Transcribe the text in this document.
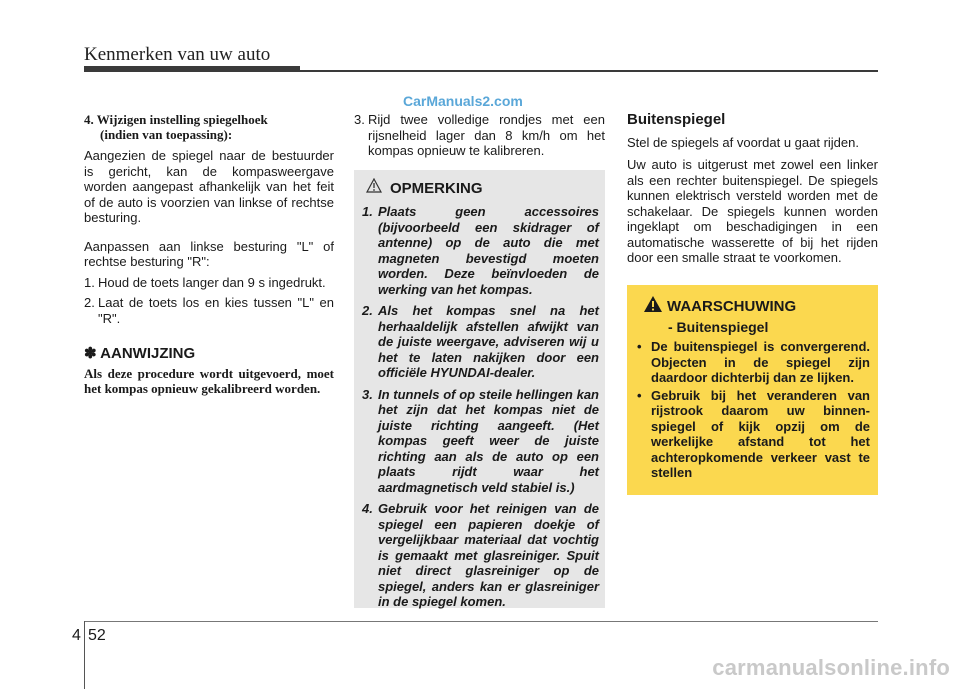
Kenmerken van uw auto
CarManuals2.com
4. Wijzigen instelling spiegelhoek
(indien van toepassing):

Aangezien de spiegel naar de bestuurder is gericht, kan de kompasweergave worden aangepast afhankelijk van het feit of de auto is voorzien van linkse of rechtse besturing.

Aanpassen aan linkse besturing "L" of rechtse besturing "R":

1. Houd de toets langer dan 9 s ingedrukt.
2. Laat de toets los en kies tussen "L" en "R".
✽ AANWIJZING
Als deze procedure wordt uitgevoerd, moet het kompas opnieuw gekalibreerd worden.
3. Rijd twee volledige rondjes met een rijsnelheid lager dan 8 km/h om het kompas opnieuw te kalibreren.
OPMERKING
1. Plaats geen accessoires (bijvoorbeeld een skidrager of antenne) op de auto die met magneten bevestigd moeten worden. Deze beïnvloeden de werking van het kompas.
2. Als het kompas snel na het herhaaldelijk afstellen afwijkt van de juiste weergave, adviseren wij u het te laten nakijken door een officiële HYUNDAI-dealer.
3. In tunnels of op steile hellingen kan het zijn dat het kompas niet de juiste richting aangeeft. (Het kompas geeft weer de juiste richting aan als de auto op een plaats rijdt waar het aardmagnetisch veld stabiel is.)
4. Gebruik voor het reinigen van de spiegel een papieren doekje of vergelijkbaar materiaal dat vochtig is gemaakt met glasreiniger. Spuit niet direct glasreiniger op de spiegel, anders kan er glasreiniger in de spiegel komen.
Buitenspiegel

Stel de spiegels af voordat u gaat rijden.

Uw auto is uitgerust met zowel een linker als een rechter buitenspiegel. De spiegels kunnen elektrisch versteld worden met de schakelaar. De spiegels kunnen worden ingeklapt om beschadigingen in een automatische wasserette of bij het rijden door een smalle straat te voorkomen.

WAARSCHUWING
- Buitenspiegel
• De buitenspiegel is convergerend. Objecten in de spiegel zijn daardoor dichterbij dan ze lijken.
• Gebruik bij het veranderen van rijstrook daarom uw binnen-spiegel of kijk opzij om de werkelijke afstand tot het achteropkomende verkeer vast te stellen
4 52
carmanualsonline.info
